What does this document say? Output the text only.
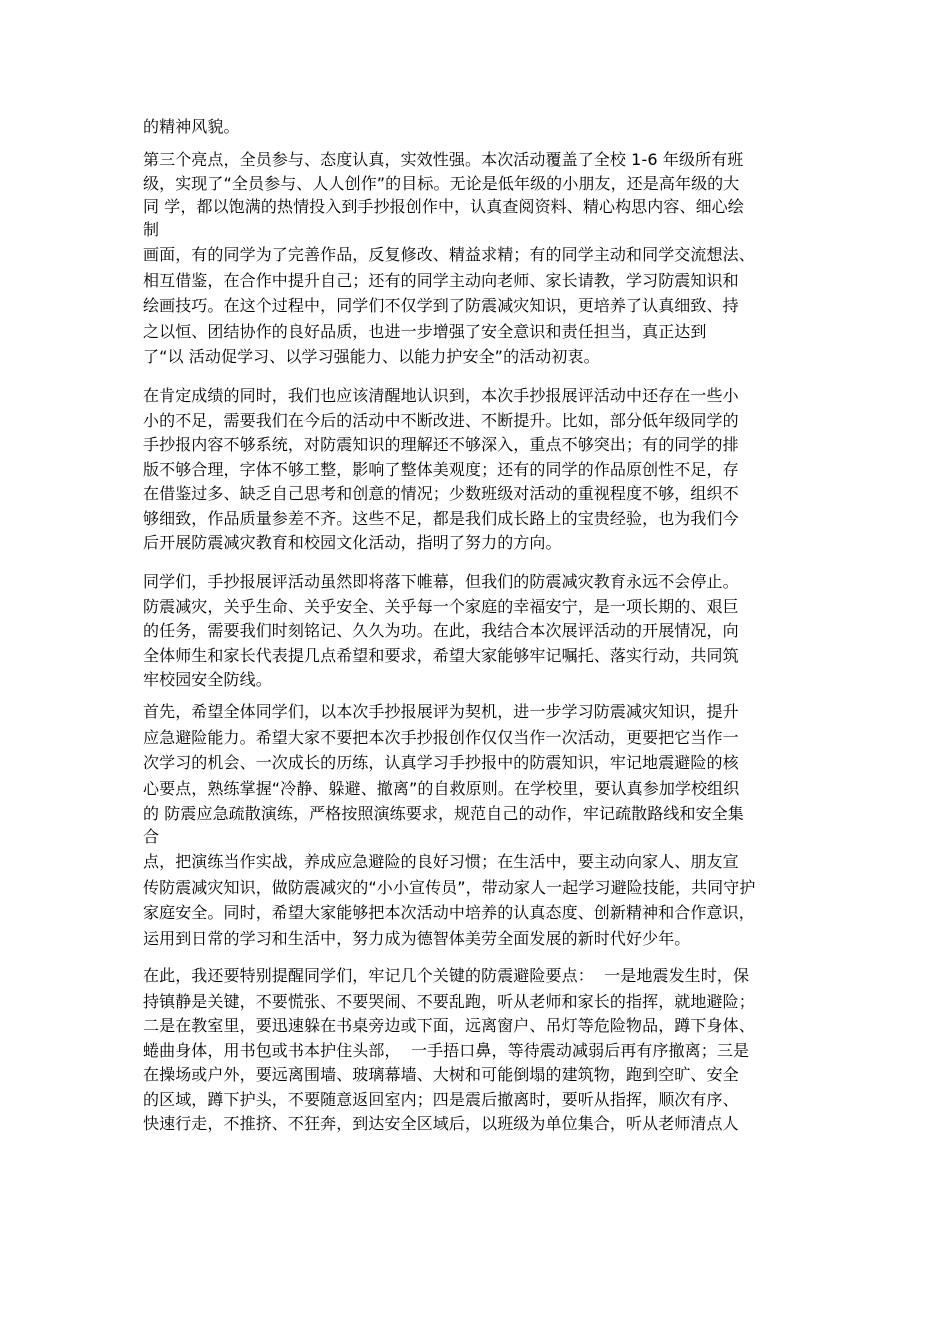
的精神风貌。
第三个亮点，全员参与、态度认真，实效性强。本次活动覆盖了全校 1-6 年级所有班
级，实现了“全员参与、人人创作”的目标。无论是低年级的小朋友，还是高年级的大
同 学，都以饱满的热情投入到手抄报创作中，认真查阅资料、精心构思内容、细心绘
制
画面，有的同学为了完善作品，反复修改、精益求精；有的同学主动和同学交流想法、
相互借鉴，在合作中提升自己；还有的同学主动向老师、家长请教，学习防震知识和
绘画技巧。在这个过程中，同学们不仅学到了防震减灾知识，更培养了认真细致、持
之以恒、团结协作的良好品质，也进一步增强了安全意识和责任担当，真正达到
了“以 活动促学习、以学习强能力、以能力护安全”的活动初衷。
在肯定成绩的同时，我们也应该清醒地认识到，本次手抄报展评活动中还存在一些小
小的不足，需要我们在今后的活动中不断改进、不断提升。比如，部分低年级同学的
手抄报内容不够系统，对防震知识的理解还不够深入，重点不够突出；有的同学的排
版不够合理，字体不够工整，影响了整体美观度；还有的同学的作品原创性不足，存
在借鉴过多、缺乏自己思考和创意的情况；少数班级对活动的重视程度不够，组织不
够细致，作品质量参差不齐。这些不足，都是我们成长路上的宝贵经验，也为我们今
后开展防震减灾教育和校园文化活动，指明了努力的方向。
同学们，手抄报展评活动虽然即将落下帷幕，但我们的防震减灾教育永远不会停止。
防震减灾，关乎生命、关乎安全、关乎每一个家庭的幸福安宁，是一项长期的、艰巨
的任务，需要我们时刻铭记、久久为功。在此，我结合本次展评活动的开展情况，向
全体师生和家长代表提几点希望和要求，希望大家能够牢记嘱托、落实行动，共同筑
牢校园安全防线。
首先，希望全体同学们，以本次手抄报展评为契机，进一步学习防震减灾知识，提升
应急避险能力。希望大家不要把本次手抄报创作仅仅当作一次活动，更要把它当作一
次学习的机会、一次成长的历练，认真学习手抄报中的防震知识，牢记地震避险的核
心要点，熟练掌握“冷静、躲避、撤离”的自救原则。在学校里，要认真参加学校组织
的 防震应急疏散演练，严格按照演练要求，规范自己的动作，牢记疏散路线和安全集
合
点，把演练当作实战，养成应急避险的良好习惯；在生活中，要主动向家人、朋友宣
传防震减灾知识，做防震减灾的“小小宣传员”，带动家人一起学习避险技能，共同守护
家庭安全。同时，希望大家能够把本次活动中培养的认真态度、创新精神和合作意识，
运用到日常的学习和生活中，努力成为德智体美劳全面发展的新时代好少年。
在此，我还要特别提醒同学们，牢记几个关键的防震避险要点：  一是地震发生时，保
持镇静是关键，不要慌张、不要哭闹、不要乱跑，听从老师和家长的指挥，就地避险；
二是在教室里，要迅速躲在书桌旁边或下面，远离窗户、吊灯等危险物品，蹲下身体、
蜷曲身体，用书包或书本护住头部，  一手捂口鼻，等待震动减弱后再有序撤离；三是
在操场或户外，要远离围墙、玻璃幕墙、大树和可能倒塌的建筑物，跑到空旷、安全
的区域，蹲下护头，不要随意返回室内；四是震后撤离时，要听从指挥，顺次有序、
快速行走，不推挤、不狂奔，到达安全区域后，以班级为单位集合，听从老师清点人
